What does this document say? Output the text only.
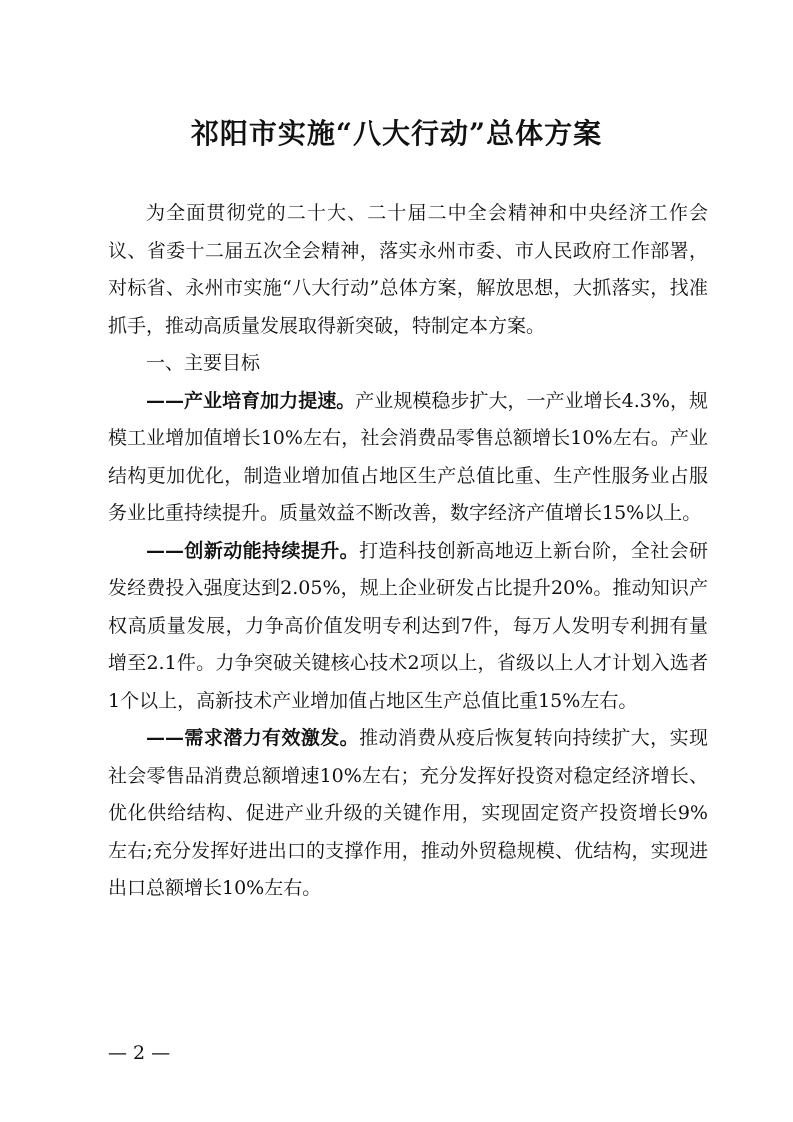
祁阳市实施“八大行动”总体方案

为全面贯彻党的二十大、二十届二中全会精神和中央经济工作会议、省委十二届五次全会精神，落实永州市委、市人民政府工作部署，对标省、永州市实施“八大行动”总体方案，解放思想，大抓落实，找准抓手，推动高质量发展取得新突破，特制定本方案。

一、主要目标

——产业培育加力提速。产业规模稳步扩大，一产业增长4.3%，规模工业增加值增长10%左右，社会消费品零售总额增长10%左右。产业结构更加优化，制造业增加值占地区生产总值比重、生产性服务业占服务业比重持续提升。质量效益不断改善，数字经济产值增长15%以上。

——创新动能持续提升。打造科技创新高地迈上新台阶，全社会研发经费投入强度达到2.05%，规上企业研发占比提升20%。推动知识产权高质量发展，力争高价值发明专利达到7件，每万人发明专利拥有量增至2.1件。力争突破关键核心技术2项以上，省级以上人才计划入选者1个以上，高新技术产业增加值占地区生产总值比重15%左右。

——需求潜力有效激发。推动消费从疫后恢复转向持续扩大，实现社会零售品消费总额增速10%左右；充分发挥好投资对稳定经济增长、优化供给结构、促进产业升级的关键作用，实现固定资产投资增长9%左右;充分发挥好进出口的支撑作用，推动外贸稳规模、优结构，实现进出口总额增长10%左右。

— 2 —
